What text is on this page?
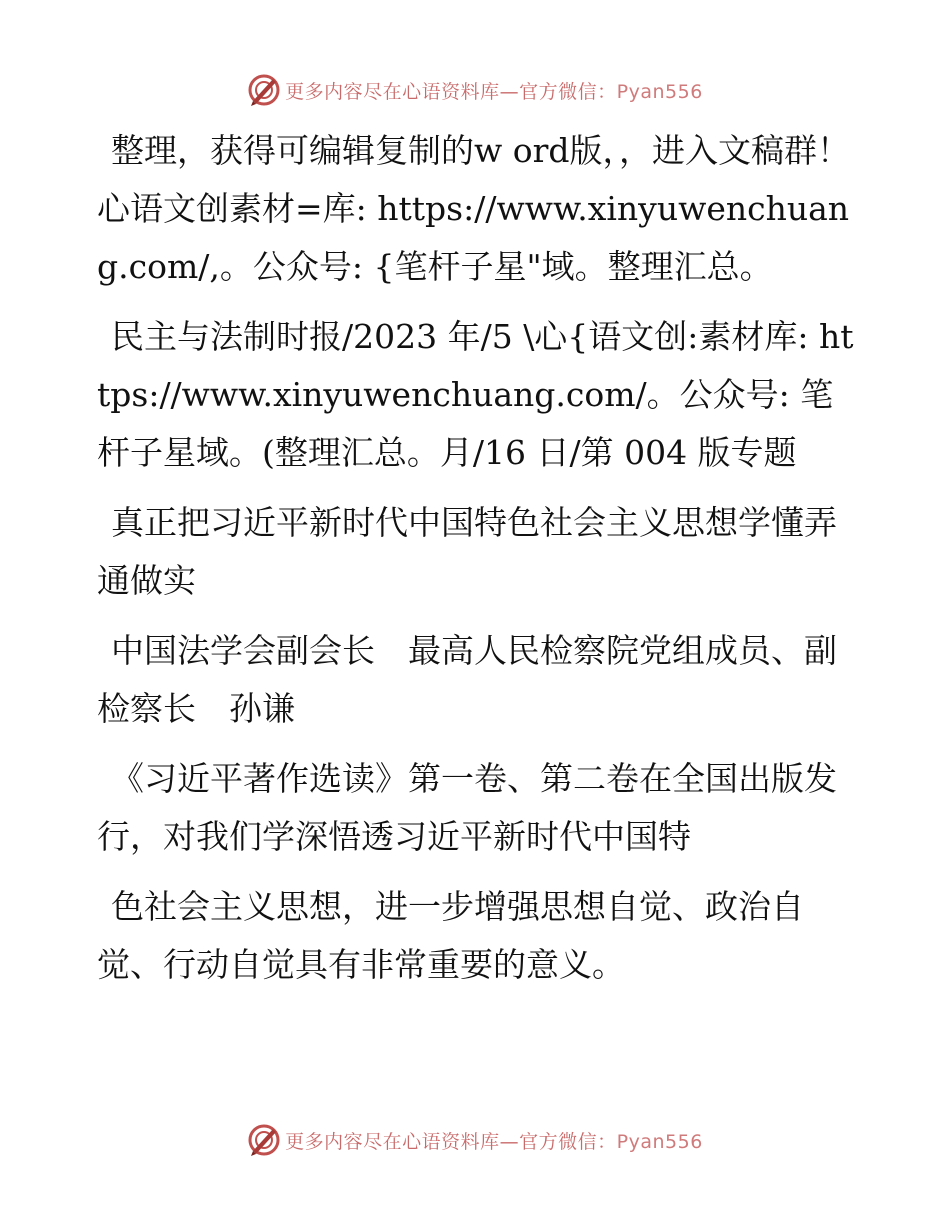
更多内容尽在心语资料库—官方微信：Pyan556

整理，获得可编辑复制的w ord版，，进入文稿群！心语文创素材=库: https://www.xinyuwenchuang.com/,。公众号: {笔杆子星"域。整理汇总。

民主与法制时报/2023 年/5 \心{语文创:素材库: https://www.xinyuwenchuang.com/。公众号: 笔杆子星域。(整理汇总。月/16 日/第 004 版专题

真正把习近平新时代中国特色社会主义思想学懂弄通做实

中国法学会副会长　最高人民检察院党组成员、副检察长　孙谦

《习近平著作选读》第一卷、第二卷在全国出版发行，对我们学深悟透习近平新时代中国特

色社会主义思想，进一步增强思想自觉、政治自觉、行动自觉具有非常重要的意义。

更多内容尽在心语资料库—官方微信：Pyan556
